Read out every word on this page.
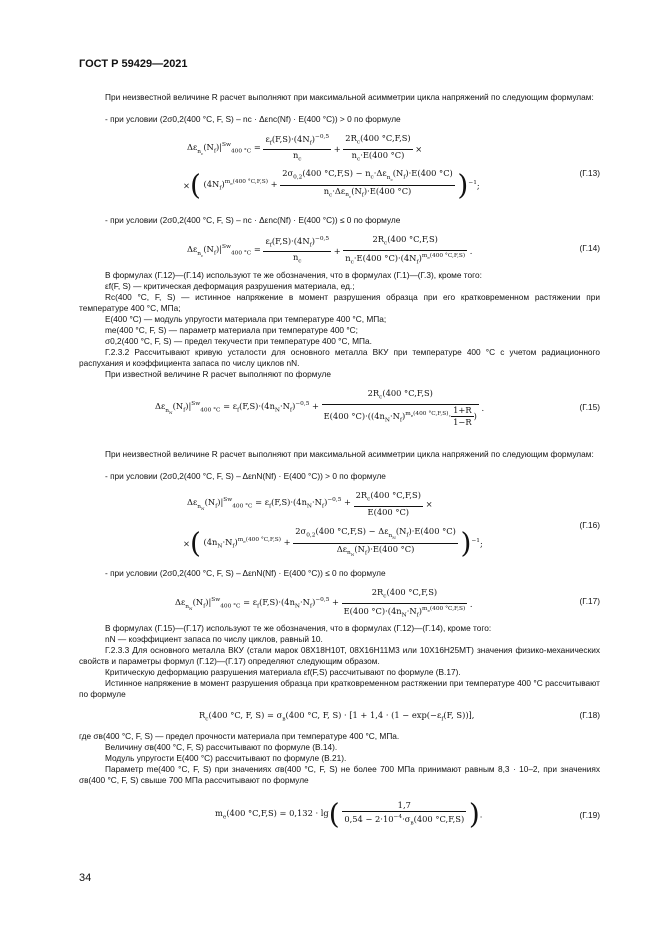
ГОСТ Р 59429—2021
При неизвестной величине R расчет выполняют при максимальной асимметрии цикла напряжений по следующим формулам:
- при условии (2σ0,2(400 °C, F, S) – nc · Δεnc(Nf) · E(400 °C)) > 0 по формуле
$\Delta\varepsilon_{n_c}(N_f)|^{Sw}_{400 ^\circ C} = \frac{\varepsilon_f(F,S)\cdot(4N_f)^{-0,5}}{n_c} + \frac{2R_c(400 ^\circ C,F,S)}{n_c\cdot E(400 ^\circ C)}$ ×
×( $(4N_f)^{m_e(400 ^\circ C,F,S)}$ +
$2\sigma_{0,2}(400$ $^\circ C,F,S) - n_c\cdot\Delta\varepsilon_{n_c}(N_f)\cdot E(400$ °C)
$n_c\cdot\Delta\varepsilon_{n_c}(N_f)\cdot E(400$ °C)	)$^{-1}$;
(Г.13)
- при условии (2σ0,2(400 °C, F, S) – nc · Δεnc(Nf) · E(400 °C)) ≤ 0 по формуле
$\Delta\varepsilon_{n_c}(N_f)|^{Sw}_{400 ^\circ C} = \frac{\varepsilon_f(F,S)\cdot(4N_f)^{-0,5}}{n_c} + \frac{2R_c(400 ^\circ C,F,S)}{n_c\cdot E(400 ^\circ C)\cdot(4N_f)^{m_e(400 ^\circ C,F,S)}}$ .	(Г.14)
В формулах (Г.12)—(Г.14) используют те же обозначения, что в формулах (Г.1)—(Г.3), кроме того:
εf(F, S) — критическая деформация разрушения материала, ед.;
Rc(400 °C, F, S) — истинное напряжение в момент разрушения образца при его кратковременном растяжении при температуре 400 °C, МПа;
E(400 °C) — модуль упругости материала при температуре 400 °C, МПа;
me(400 °C, F, S) — параметр материала при температуре 400 °C;
σ0,2(400 °C, F, S) — предел текучести при температуре 400 °C, МПа.
Г.2.3.2 Рассчитывают кривую усталости для основного металла ВКУ при температуре 400 °C с учетом радиационного распухания и коэффициента запаса по числу циклов nN.
При известной величине R расчет выполняют по формуле
$\Delta\varepsilon_{n_N}(N_f)|^{Sw}_{400 ^\circ C} = \varepsilon_f(F,S)\cdot(4n_N\cdot N_f)^{-0,5} + \frac{2R_c(400 ^\circ C,F,S)}{E(400 ^\circ C)\cdot((4n_N\cdot N_f)^{m_e(400 ^\circ C,F,S)}\cdot \frac{1+R}{1-R} )}$ .	(Г.15)
При неизвестной величине R расчет выполняют при максимальной асимметрии цикла напряжений по следующим формулам:
- при условии (2σ0,2(400 °C, F, S) – ΔεnN(Nf) · E(400 °C)) > 0 по формуле
$\Delta\varepsilon_{n_N}(N_f)|^{Sw}_{400 ^\circ C} = \varepsilon_f(F,S)\cdot(4n_N\cdot N_f)^{-0,5} + \frac{2R_c(400 ^\circ C,F,S)}{E(400 ^\circ C)}$ ×
×( $(4n_N\cdot N_f)^{m_e(400 ^\circ C,F,S)}$ +
$2\sigma_{0,2}(400$ $^\circ C,F,S) - \Delta\varepsilon_{n_N}(N_f)\cdot E(400$ °C)
$\Delta\varepsilon_{n_N}(N_f)\cdot E(400$ °C)	)$^{-1}$;
(Г.16)
- при условии (2σ0,2(400 °C, F, S) – ΔεnN(Nf) · E(400 °C)) ≤ 0 по формуле
$\Delta\varepsilon_{n_N}(N_f)|^{Sw}_{400 ^\circ C} = \varepsilon_f(F,S)\cdot(4n_N\cdot N_f)^{-0,5} + \frac{2R_c(400 ^\circ C,F,S)}{E(400 ^\circ C)\cdot(4n_N\cdot N_f)^{m_e(400 ^\circ C,F,S)}}$ .	(Г.17)
В формулах (Г.15)—(Г.17) используют те же обозначения, что в формулах (Г.12)—(Г.14), кроме того:
nN — коэффициент запаса по числу циклов, равный 10.
Г.2.3.3 Для основного металла ВКУ (стали марок 08Х18Н10Т, 08Х16Н11М3 или 10Х16Н25МТ) значения физико-механических свойств и параметры формул (Г.12)—(Г.17) определяют следующим образом.
Критическую деформацию разрушения материала εf(F,S) рассчитывают по формуле (В.17).
Истинное напряжение в момент разрушения образца при кратковременном растяжении при температуре 400 °C рассчитывают по формуле
$R_c(400$ °C, F, $S) = \sigma_в(400$ °C, F, $S) \cdot [1 + 1,4 \cdot (1 - \exp(-\varepsilon_f(F$, S))],	(Г.18)
где σв(400 °C, F, S) — предел прочности материала при температуре 400 °C, МПа.
Величину σв(400 °C, F, S) рассчитывают по формуле (В.14).
Модуль упругости E(400 °C) рассчитывают по формуле (В.21).
Параметр me(400 °C, F, S) при значениях σв(400 °C, F, S) не более 700 МПа принимают равным 8,3 · 10–2, при значениях σв(400 °C, F, S) свыше 700 МПа рассчитывают по формуле
$m_e(400$ °C,F,S) = 0,132 · lg(	1,7
$0,54 - 2\cdot 10^{-4}\cdot\sigma_в(400$ °C,F,S) ).	(Г.19)
34
